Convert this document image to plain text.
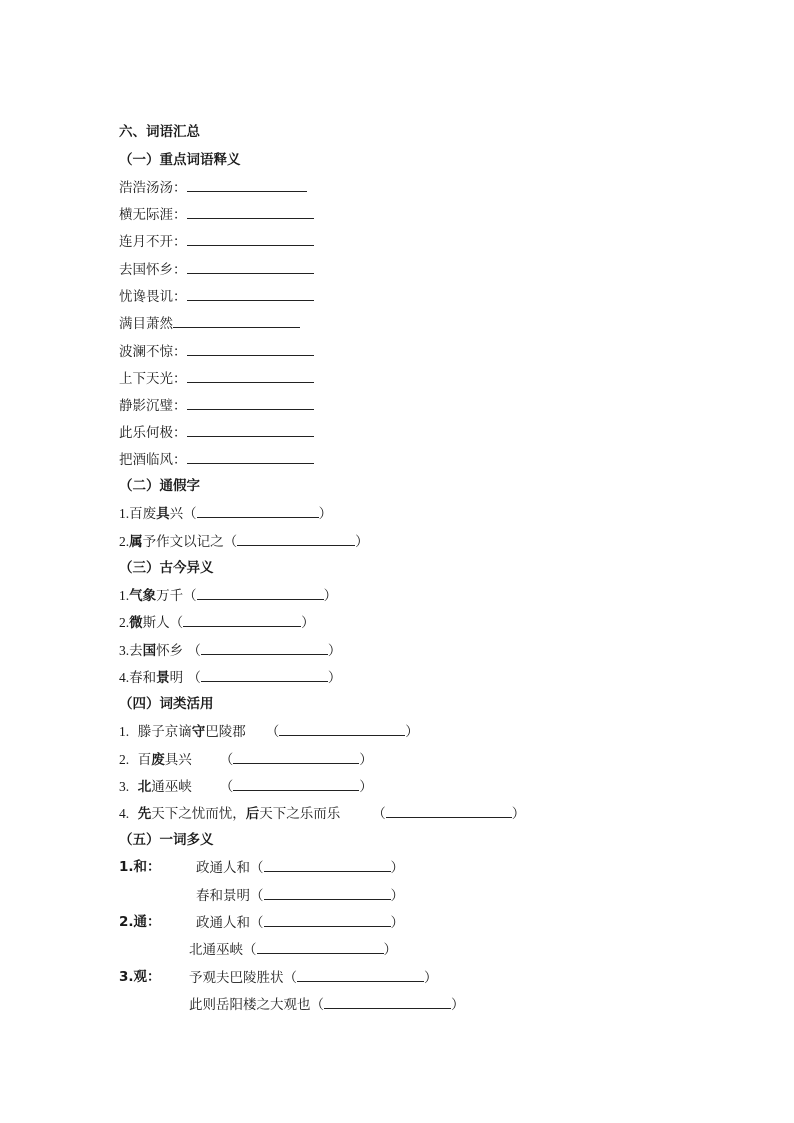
六、词语汇总
（一）重点词语释义
浩浩汤汤：
横无际涯：
连月不开：
去国怀乡：
忧谗畏讥：
满目萧然
波澜不惊：
上下天光：
静影沉璧：
此乐何极：
把酒临风：
（二）通假字
1.百废具兴（	）
2.属予作文以记之（	）
（三）古今异义
1.气象万千（	）
2.微斯人（	）
3.去国怀乡 （	）
4.春和景明 （	）
（四）词类活用
1. 滕子京谪守巴陵郡 （	）
2. 百废具兴 （	）
3. 北通巫峡 （	）
4. 先天下之忧而忧，后天下之乐而乐 （	）
（五）一词多义
1.和：	政通人和（	）
春和景明（	）
2.通：	政通人和（	）
北通巫峡（	）
3.观： 予观夫巴陵胜状（	）
此则岳阳楼之大观也（	）
